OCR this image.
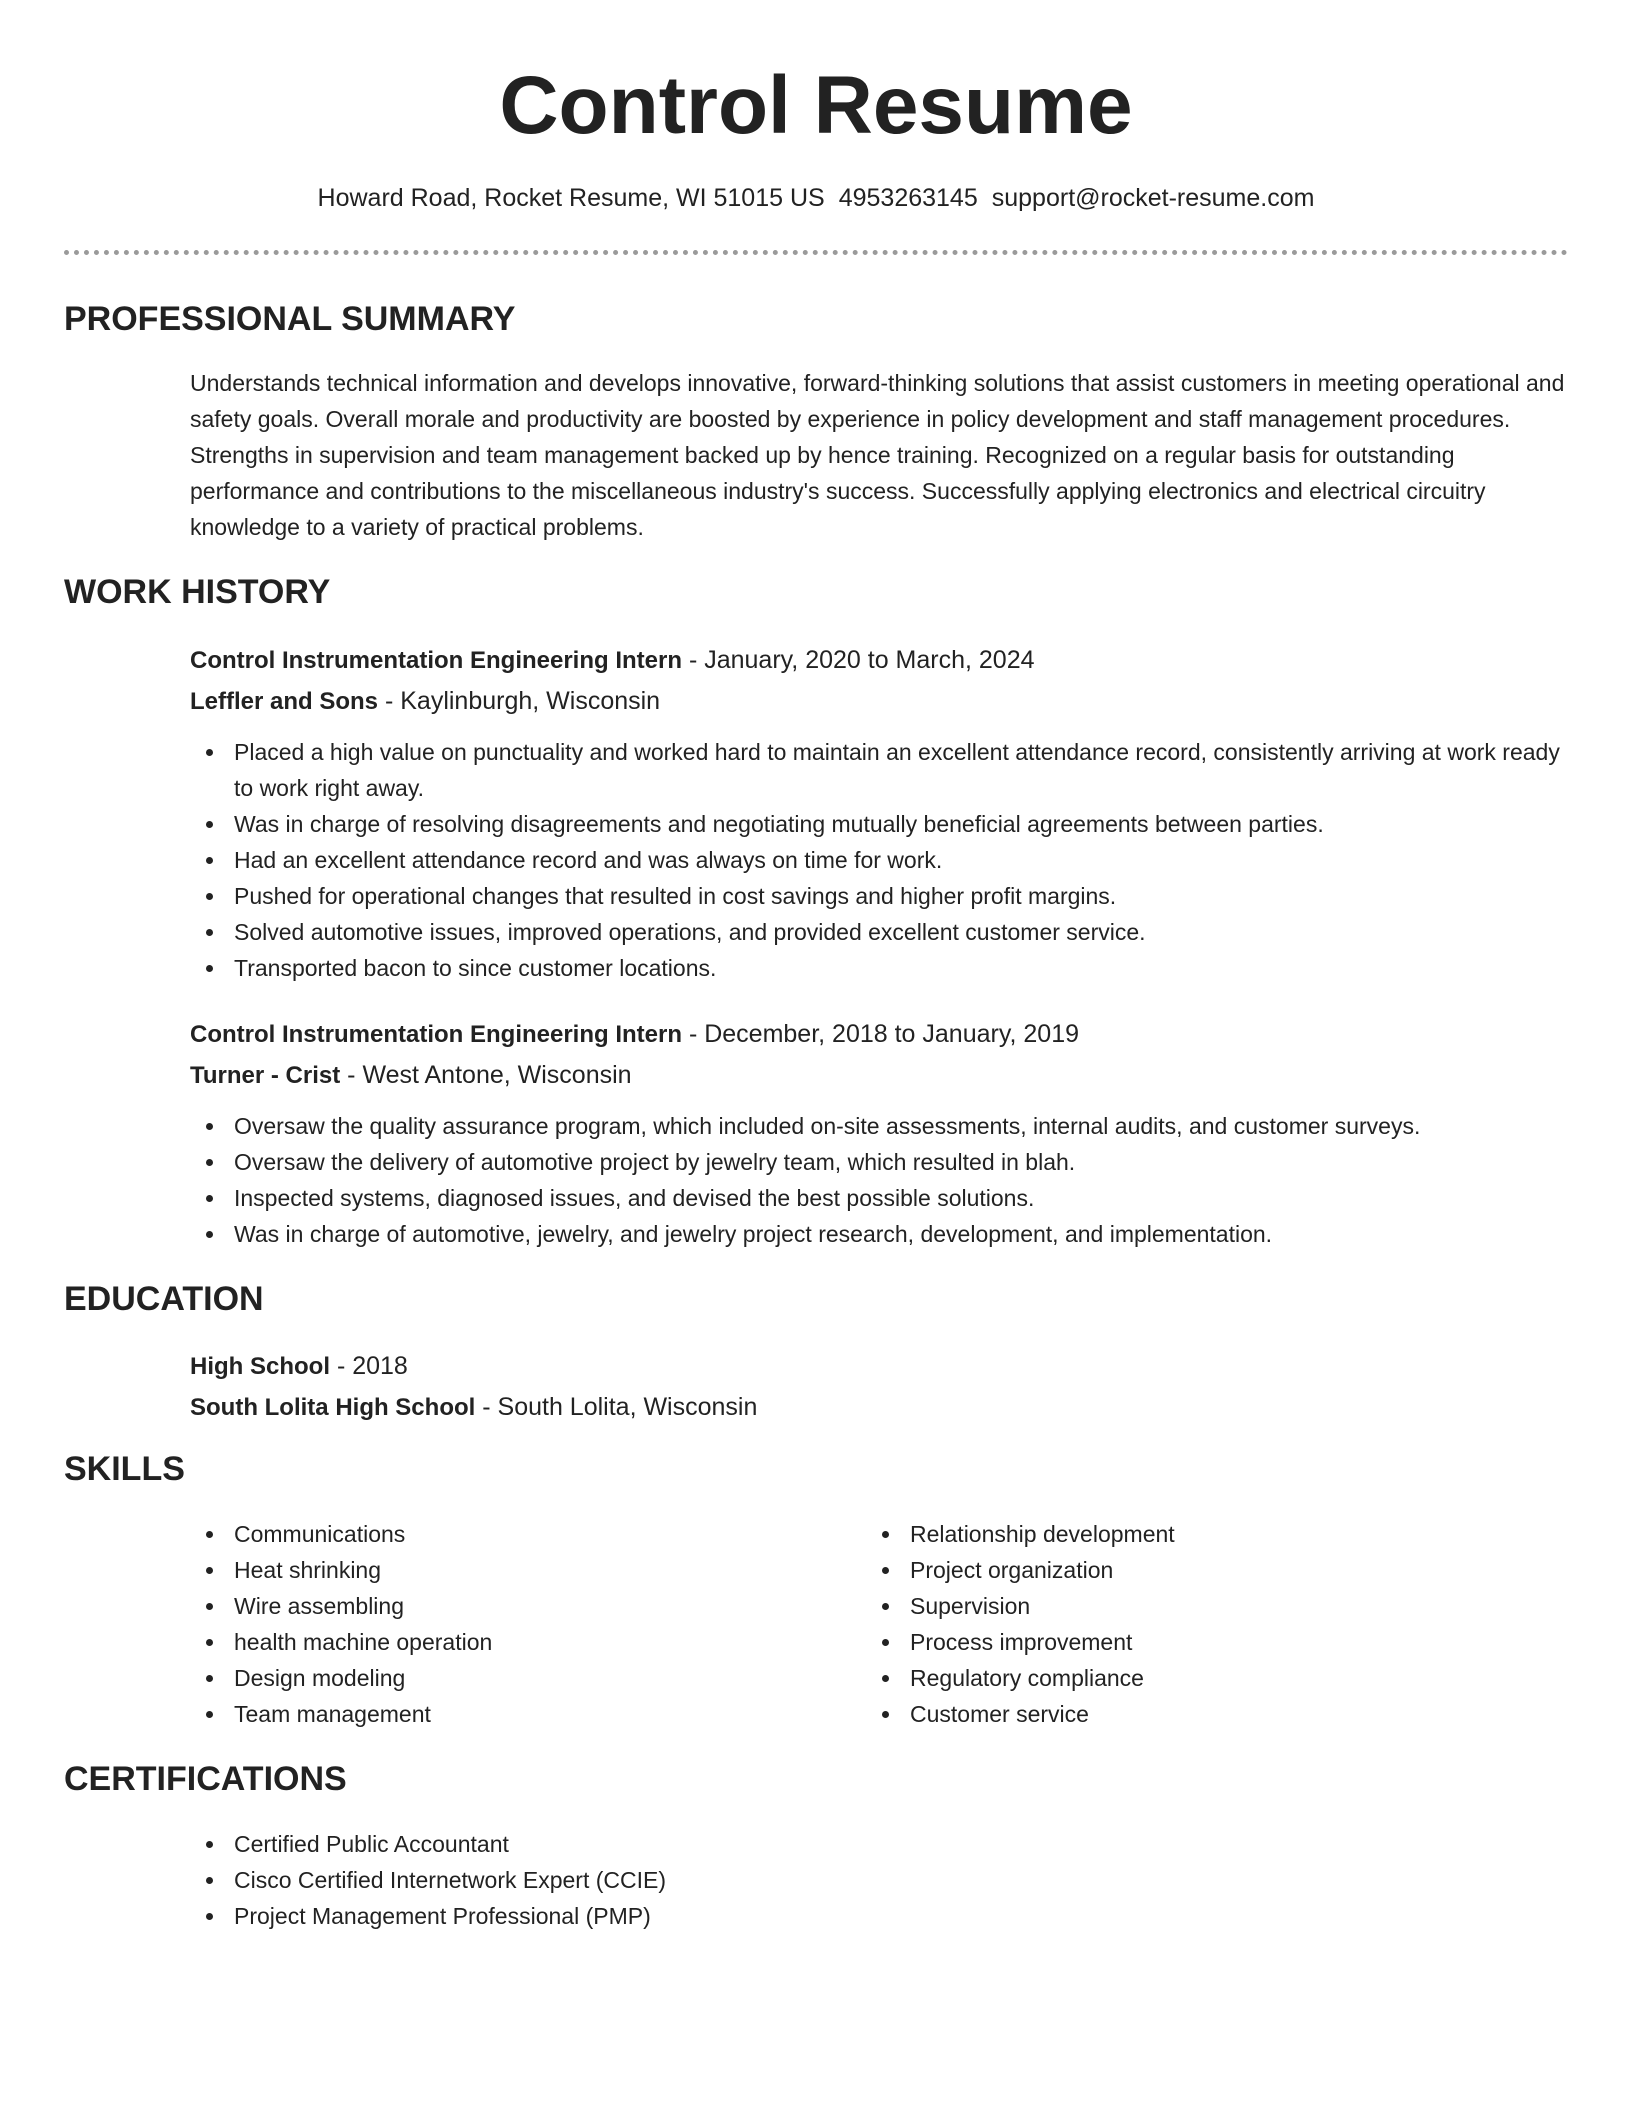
Control Resume
Howard Road, Rocket Resume, WI 51015 US 4953263145 support@rocket-resume.com
PROFESSIONAL SUMMARY

Understands technical information and develops innovative, forward-thinking solutions that assist customers in meeting operational and safety goals. Overall morale and productivity are boosted by experience in policy development and staff management procedures. Strengths in supervision and team management backed up by hence training. Recognized on a regular basis for outstanding performance and contributions to the miscellaneous industry's success. Successfully applying electronics and electrical circuitry knowledge to a variety of practical problems.

WORK HISTORY
Control Instrumentation Engineering Intern - January, 2020 to March, 2024
Leffler and Sons - Kaylinburgh, Wisconsin
Placed a high value on punctuality and worked hard to maintain an excellent attendance record, consistently arriving at work ready to work right away.
Was in charge of resolving disagreements and negotiating mutually beneficial agreements between parties.
Had an excellent attendance record and was always on time for work.
Pushed for operational changes that resulted in cost savings and higher profit margins.
Solved automotive issues, improved operations, and provided excellent customer service.
Transported bacon to since customer locations.
Control Instrumentation Engineering Intern - December, 2018 to January, 2019
Turner - Crist - West Antone, Wisconsin
Oversaw the quality assurance program, which included on-site assessments, internal audits, and customer surveys.
Oversaw the delivery of automotive project by jewelry team, which resulted in blah.
Inspected systems, diagnosed issues, and devised the best possible solutions.
Was in charge of automotive, jewelry, and jewelry project research, development, and implementation.
EDUCATION
High School - 2018
South Lolita High School - South Lolita, Wisconsin
SKILLS
Communications
Heat shrinking
Wire assembling
health machine operation
Design modeling
Team management
Relationship development
Project organization
Supervision
Process improvement
Regulatory compliance
Customer service
CERTIFICATIONS
Certified Public Accountant
Cisco Certified Internetwork Expert (CCIE)
Project Management Professional (PMP)
